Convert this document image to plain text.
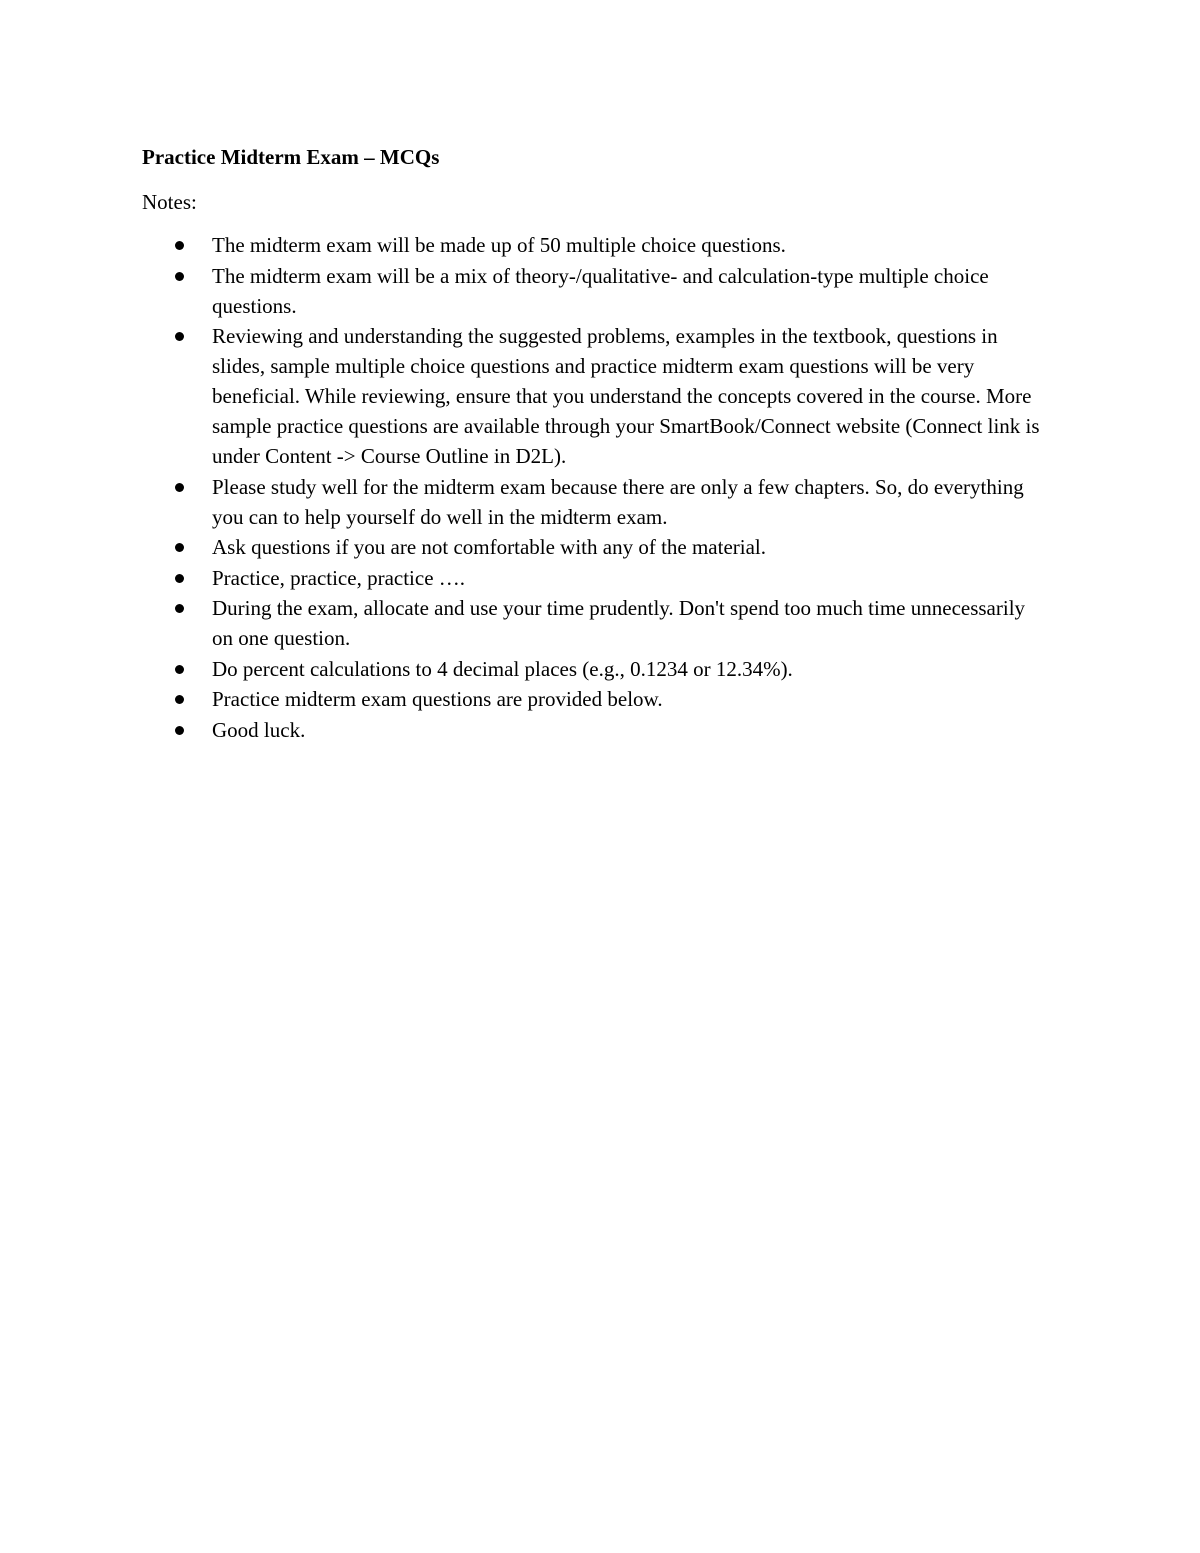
Practice Midterm Exam – MCQs

Notes:

The midterm exam will be made up of 50 multiple choice questions.
The midterm exam will be a mix of theory-/qualitative- and calculation-type multiple choice questions.
Reviewing and understanding the suggested problems, examples in the textbook, questions in slides, sample multiple choice questions and practice midterm exam questions will be very beneficial. While reviewing, ensure that you understand the concepts covered in the course. More sample practice questions are available through your SmartBook/Connect website (Connect link is under Content -> Course Outline in D2L).
Please study well for the midterm exam because there are only a few chapters. So, do everything you can to help yourself do well in the midterm exam.
Ask questions if you are not comfortable with any of the material.
Practice, practice, practice ….
During the exam, allocate and use your time prudently. Don't spend too much time unnecessarily on one question.
Do percent calculations to 4 decimal places (e.g., 0.1234 or 12.34%).
Practice midterm exam questions are provided below.
Good luck.
